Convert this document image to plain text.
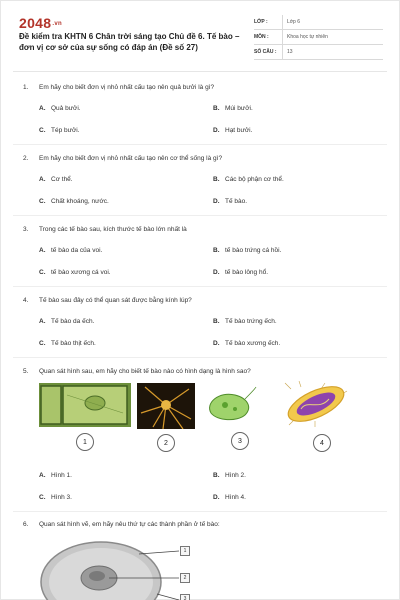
2048.vn
Đề kiểm tra KHTN 6 Chân trời sáng tạo Chủ đề 6. Tế bào – đơn vị cơ sở của sự sống có đáp án (Đề số 27)
LỚP :	Lớp 6
MÔN :	Khoa học tự nhiên
SỐ CÂU :	13
1. Em hãy cho biết đơn vị nhỏ nhất cấu tạo nên quả bưởi là gì?
A. Quả bưởi.	B. Múi bưởi.
C. Tép bưởi.	D. Hạt bưởi.
2. Em hãy cho biết đơn vị nhỏ nhất cấu tạo nên cơ thể sống là gì?
A. Cơ thể.	B. Các bộ phận cơ thể.
C. Chất khoáng, nước.	D. Tế bào.
3. Trong các tế bào sau, kích thước tế bào lớn nhất là
A. tế bào da của voi.	B. tế bào trứng cá hồi.
C. tế bào xương cá voi.	D. tế bào lông hổ.
4. Tế bào sau đây có thể quan sát được bằng kính lúp?
A. Tế bào da ếch.	B. Tế bào trứng ếch.
C. Tế bào thịt ếch.	D. Tế bào xương ếch.
5. Quan sát hình sau, em hãy cho biết tế bào nào có hình dạng là hình sao?
1	2	3	4
A. Hình 1.	B. Hình 2.
C. Hình 3.	D. Hình 4.
6. Quan sát hình vẽ, em hãy nêu thứ tự các thành phần ở tế bào:
1
2
3
